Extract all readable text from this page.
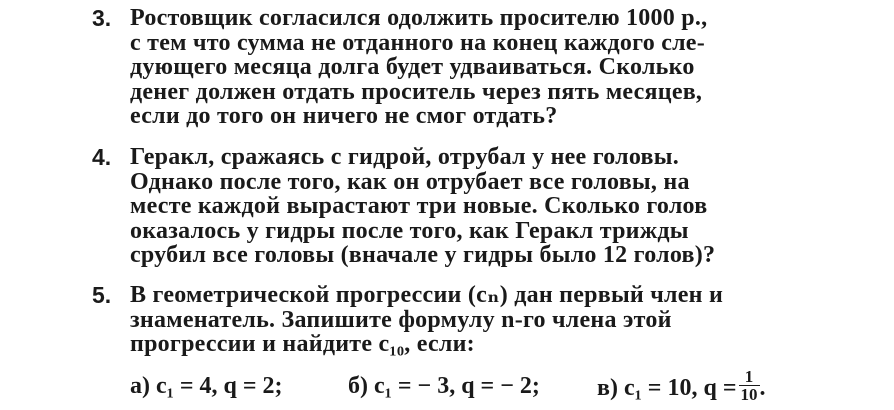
3. Ростовщик согласился одолжить просителю 1000 р.,
с тем что сумма не отданного на конец каждого сле-
дующего месяца долга будет удваиваться. Сколько
денег должен отдать проситель через пять месяцев,
если до того он ничего не смог отдать?
4. Геракл, сражаясь с гидрой, отрубал у нее головы.
Однако после того, как он отрубает все головы, на
месте каждой вырастают три новые. Сколько голов
оказалось у гидры после того, как Геракл трижды
срубил все головы (вначале у гидры было 12 голов)?
5. В геометрической прогрессии (cₙ) дан первый член и
знаменатель. Запишите формулу n-го члена этой
прогрессии и найдите c₁₀, если:
а) c₁ = 4, q = 2;	б) c₁ = − 3, q = − 2; в) c₁ = 10, $q = \frac{1}{10}$ .
